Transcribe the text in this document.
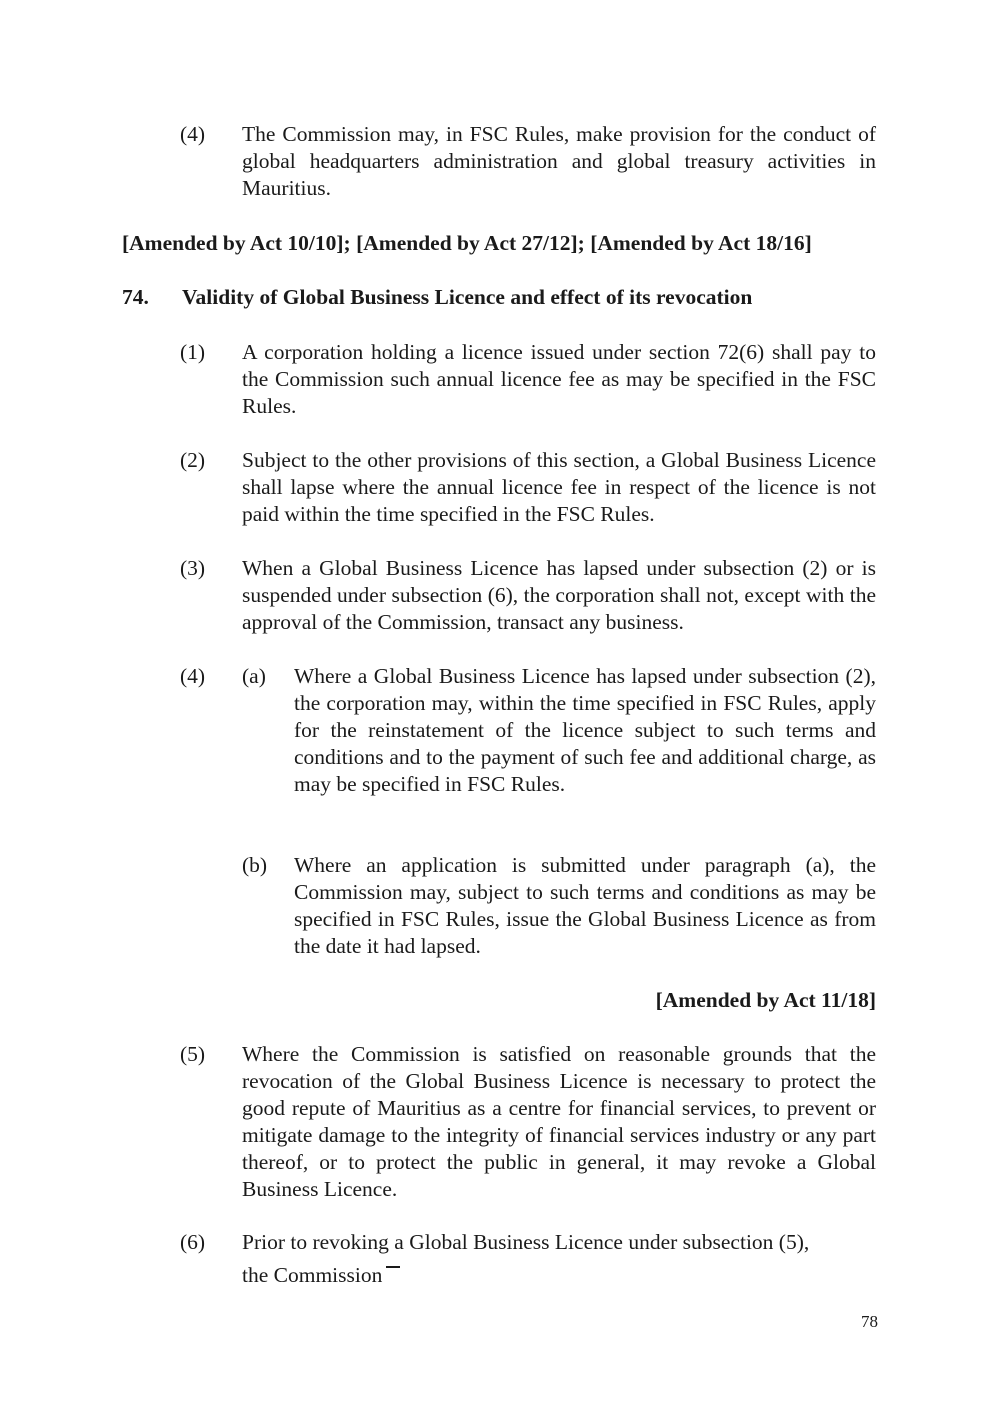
(4) The Commission may, in FSC Rules, make provision for the conduct of global headquarters administration and global treasury activities in Mauritius.
[Amended by Act 10/10]; [Amended by Act 27/12]; [Amended by Act 18/16]
74. Validity of Global Business Licence and effect of its revocation
(1) A corporation holding a licence issued under section 72(6) shall pay to the Commission such annual licence fee as may be specified in the FSC Rules.
(2) Subject to the other provisions of this section, a Global Business Licence shall lapse where the annual licence fee in respect of the licence is not paid within the time specified in the FSC Rules.
(3) When a Global Business Licence has lapsed under subsection (2) or is suspended under subsection (6), the corporation shall not, except with the approval of the Commission, transact any business.
(4) (a) Where a Global Business Licence has lapsed under subsection (2), the corporation may, within the time specified in FSC Rules, apply for the reinstatement of the licence subject to such terms and conditions and to the payment of such fee and additional charge, as may be specified in FSC Rules.
(b) Where an application is submitted under paragraph (a), the Commission may, subject to such terms and conditions as may be specified in FSC Rules, issue the Global Business Licence as from the date it had lapsed.
[Amended by Act 11/18]
(5) Where the Commission is satisfied on reasonable grounds that the revocation of the Global Business Licence is necessary to protect the good repute of Mauritius as a centre for financial services, to prevent or mitigate damage to the integrity of financial services industry or any part thereof, or to protect the public in general, it may revoke a Global Business Licence.
(6) Prior to revoking a Global Business Licence under subsection (5),
the Commission
78
